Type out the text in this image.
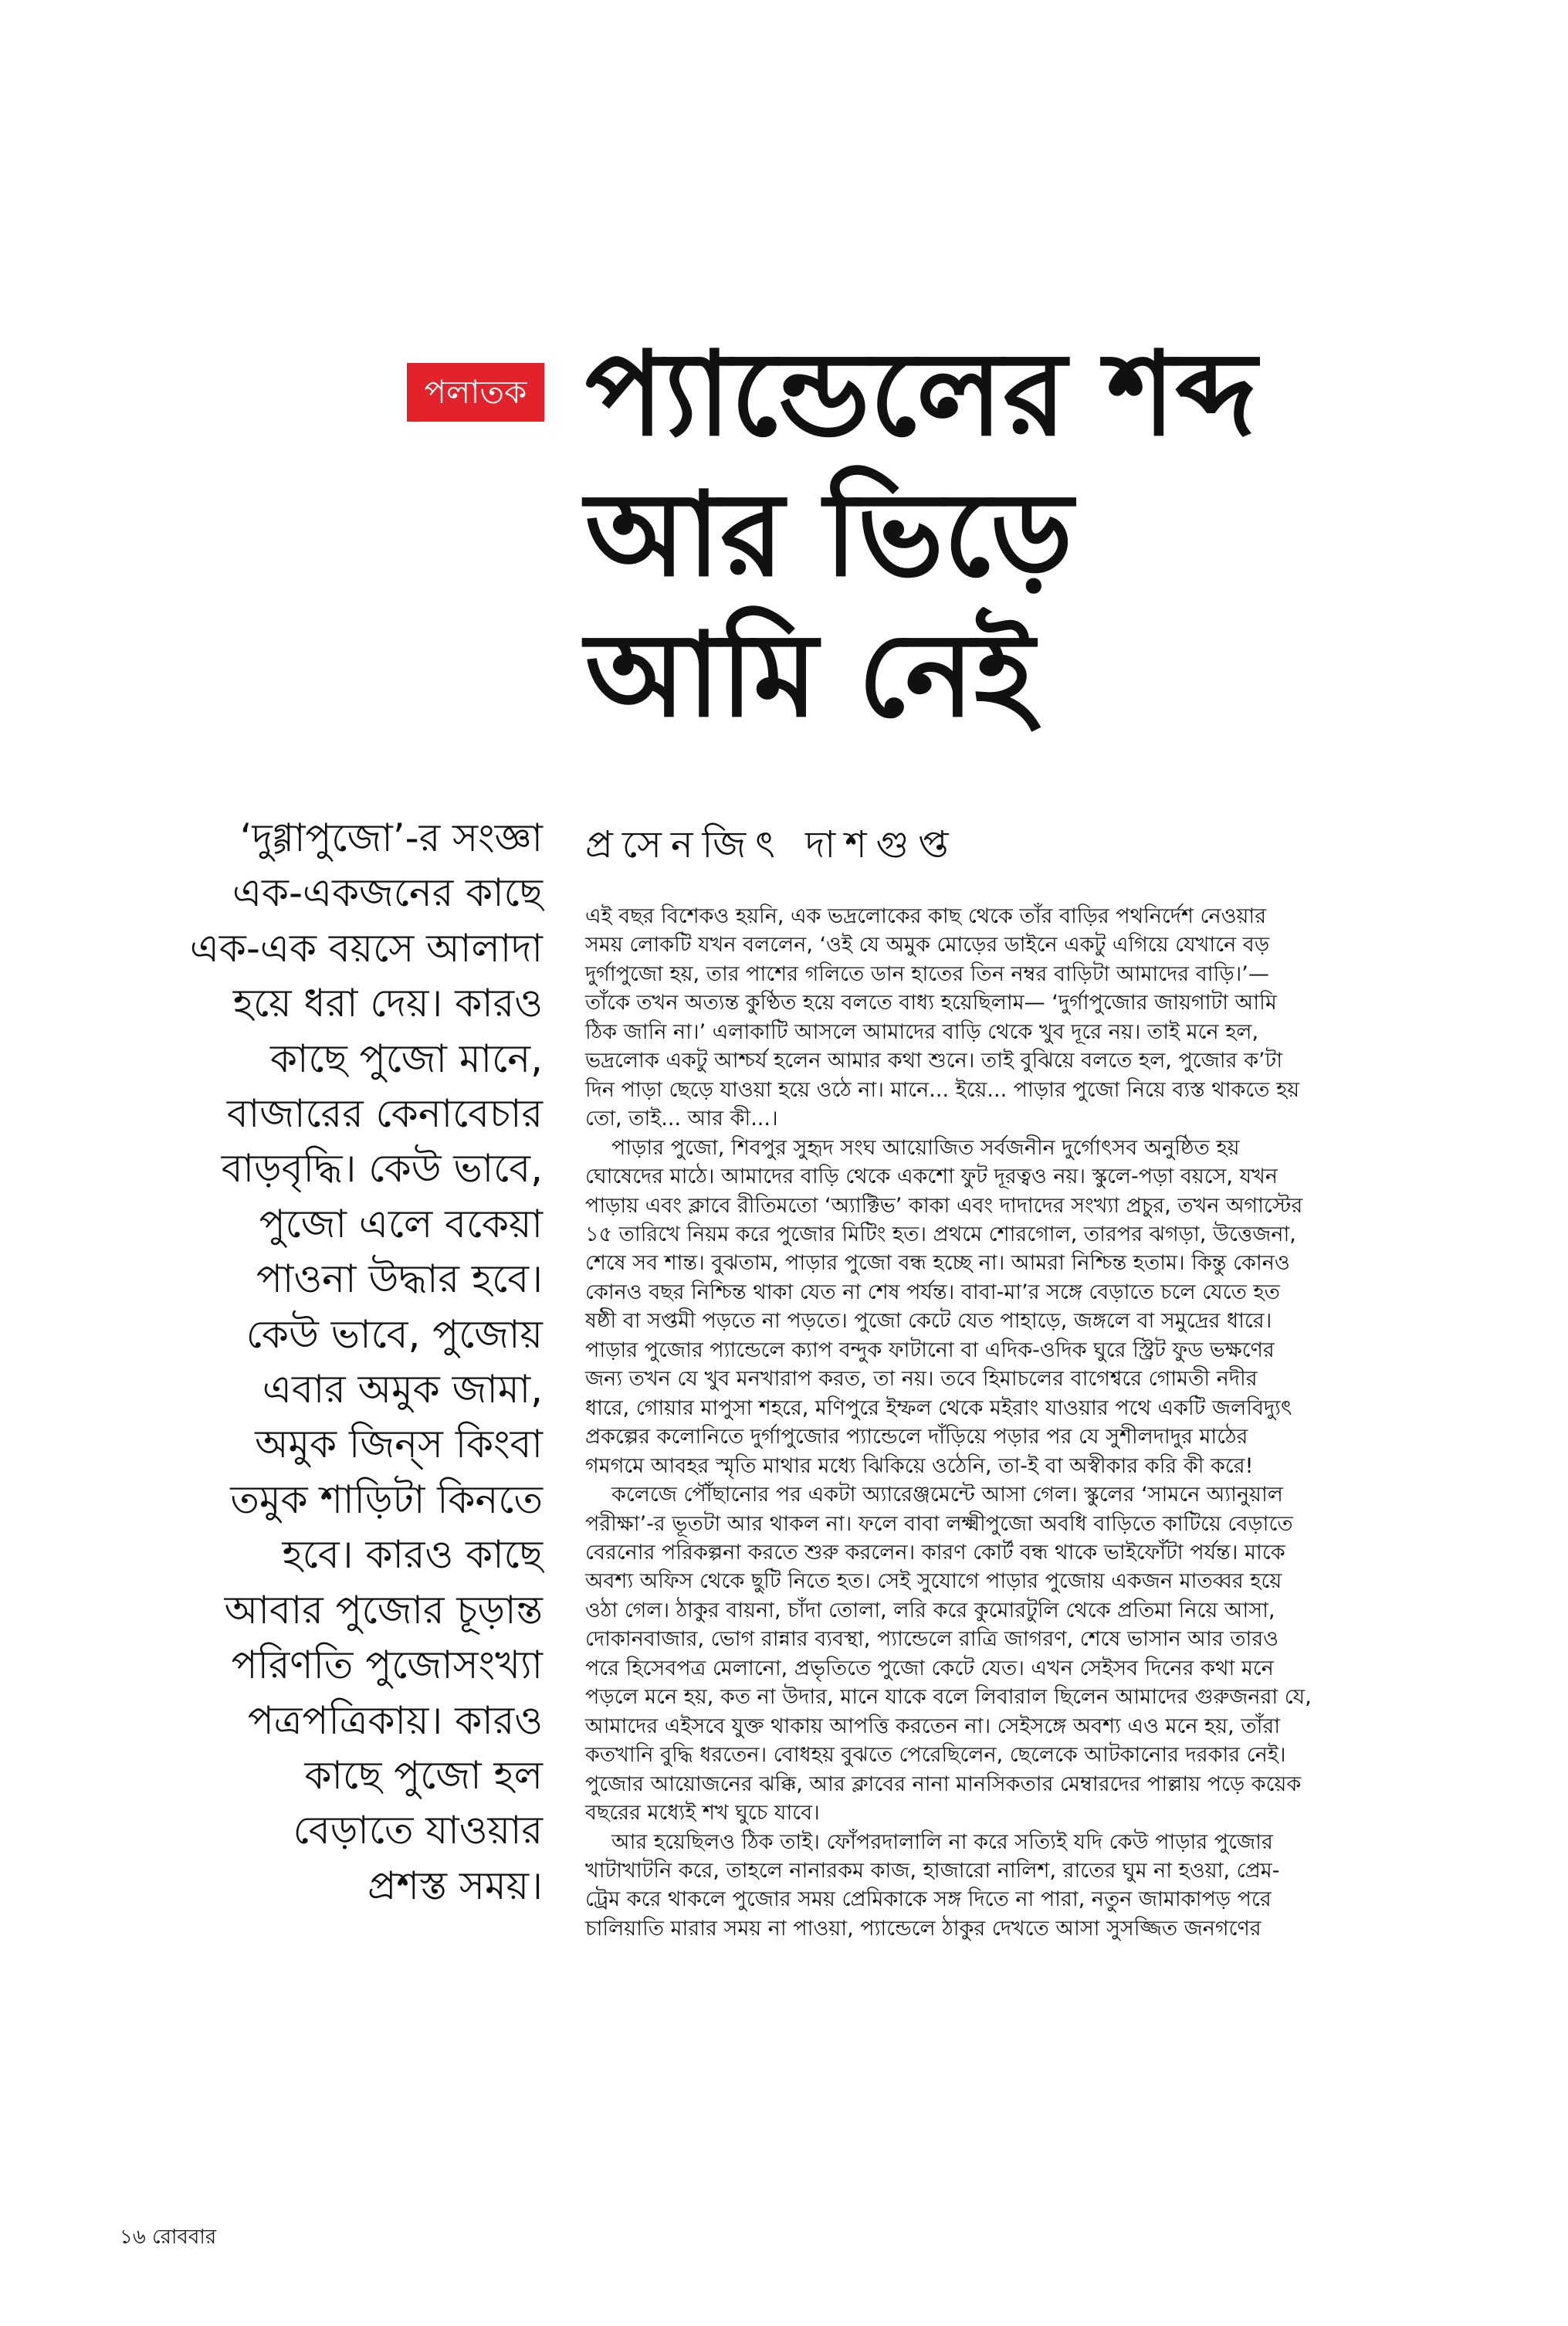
পলাতক প্যান্ডেলের শব্দ
আর ভিড়ে
আমি নেই

‘দুগ্গাপুজো’-র সংজ্ঞা
এক-একজনের কাছে
এক-এক বয়সে আলাদা
হয়ে ধরা দেয়। কারও
কাছে পুজো মানে,
বাজারের কেনাবেচার
বাড়বৃদ্ধি। কেউ ভাবে,
পুজো এলে বকেয়া
পাওনা উদ্ধার হবে।
কেউ ভাবে, পুজোয়
এবার অমুক জামা,
অমুক জিন্‌স কিংবা
তমুক শাড়িটা কিনতে
হবে। কারও কাছে
আবার পুজোর চূড়ান্ত
পরিণতি পুজোসংখ্যা
পত্রপত্রিকায়। কারও
কাছে পুজো হল
বেড়াতে যাওয়ার
প্রশস্ত সময়।

প্রসেনজিৎ দাশগুপ্ত

এই বছর বিশেকও হয়নি, এক ভদ্রলোকের কাছ থেকে তাঁর বাড়ির পথনির্দেশ নেওয়ার
সময় লোকটি যখন বললেন, ‘ওই যে অমুক মোড়ের ডাইনে একটু এগিয়ে যেখানে বড়
দুর্গাপুজো হয়, তার পাশের গলিতে ডান হাতের তিন নম্বর বাড়িটা আমাদের বাড়ি।’—
তাঁকে তখন অত্যন্ত কুণ্ঠিত হয়ে বলতে বাধ্য হয়েছিলাম— ‘দুর্গাপুজোর জায়গাটা আমি
ঠিক জানি না।’ এলাকাটি আসলে আমাদের বাড়ি থেকে খুব দূরে নয়। তাই মনে হল,
ভদ্রলোক একটু আশ্চর্য হলেন আমার কথা শুনে। তাই বুঝিয়ে বলতে হল, পুজোর ক’টা
দিন পাড়া ছেড়ে যাওয়া হয়ে ওঠে না। মানে... ইয়ে... পাড়ার পুজো নিয়ে ব্যস্ত থাকতে হয়
তো, তাই... আর কী...।
পাড়ার পুজো, শিবপুর সুহৃদ সংঘ আয়োজিত সর্বজনীন দুর্গোৎসব অনুষ্ঠিত হয়
ঘোষেদের মাঠে। আমাদের বাড়ি থেকে একশো ফুট দূরত্বও নয়। স্কুলে-পড়া বয়সে, যখন
পাড়ায় এবং ক্লাবে রীতিমতো ‘অ্যাক্টিভ’ কাকা এবং দাদাদের সংখ্যা প্রচুর, তখন অগাস্টের
১৫ তারিখে নিয়ম করে পুজোর মিটিং হত। প্রথমে শোরগোল, তারপর ঝগড়া, উত্তেজনা,
শেষে সব শান্ত। বুঝতাম, পাড়ার পুজো বন্ধ হচ্ছে না। আমরা নিশ্চিন্ত হতাম। কিন্তু কোনও
কোনও বছর নিশ্চিন্ত থাকা যেত না শেষ পর্যন্ত। বাবা-মা’র সঙ্গে বেড়াতে চলে যেতে হত
ষষ্ঠী বা সপ্তমী পড়তে না পড়তে। পুজো কেটে যেত পাহাড়ে, জঙ্গলে বা সমুদ্রের ধারে।
পাড়ার পুজোর প্যান্ডেলে ক্যাপ বন্দুক ফাটানো বা এদিক-ওদিক ঘুরে স্ট্রিট ফুড ভক্ষণের
জন্য তখন যে খুব মনখারাপ করত, তা নয়। তবে হিমাচলের বাগেশ্বরে গোমতী নদীর
ধারে, গোয়ার মাপুসা শহরে, মণিপুরে ইম্ফল থেকে মইরাং যাওয়ার পথে একটি জলবিদ্যুৎ
প্রকল্পের কলোনিতে দুর্গাপুজোর প্যান্ডেলে দাঁড়িয়ে পড়ার পর যে সুশীলদাদুর মাঠের
গমগমে আবহর স্মৃতি মাথার মধ্যে ঝিকিয়ে ওঠেনি, তা-ই বা অস্বীকার করি কী করে!
কলেজে পৌঁছানোর পর একটা অ্যারেঞ্জমেন্টে আসা গেল। স্কুলের ‘সামনে অ্যানুয়াল
পরীক্ষা’-র ভূতটা আর থাকল না। ফলে বাবা লক্ষ্মীপুজো অবধি বাড়িতে কাটিয়ে বেড়াতে
বেরনোর পরিকল্পনা করতে শুরু করলেন। কারণ কোর্ট বন্ধ থাকে ভাইফোঁটা পর্যন্ত। মাকে
অবশ্য অফিস থেকে ছুটি নিতে হত। সেই সুযোগে পাড়ার পুজোয় একজন মাতব্বর হয়ে
ওঠা গেল। ঠাকুর বায়না, চাঁদা তোলা, লরি করে কুমোরটুলি থেকে প্রতিমা নিয়ে আসা,
দোকানবাজার, ভোগ রান্নার ব্যবস্থা, প্যান্ডেলে রাত্রি জাগরণ, শেষে ভাসান আর তারও
পরে হিসেবপত্র মেলানো, প্রভৃতিতে পুজো কেটে যেত। এখন সেইসব দিনের কথা মনে
পড়লে মনে হয়, কত না উদার, মানে যাকে বলে লিবারাল ছিলেন আমাদের গুরুজনরা যে,
আমাদের এইসবে যুক্ত থাকায় আপত্তি করতেন না। সেইসঙ্গে অবশ্য এও মনে হয়, তাঁরা
কতখানি বুদ্ধি ধরতেন। বোধহয় বুঝতে পেরেছিলেন, ছেলেকে আটকানোর দরকার নেই।
পুজোর আয়োজনের ঝক্কি, আর ক্লাবের নানা মানসিকতার মেম্বারদের পাল্লায় পড়ে কয়েক
বছরের মধ্যেই শখ ঘুচে যাবে।
আর হয়েছিলও ঠিক তাই। ফোঁপরদালালি না করে সত্যিই যদি কেউ পাড়ার পুজোর
খাটাখাটনি করে, তাহলে নানারকম কাজ, হাজারো নালিশ, রাতের ঘুম না হওয়া, প্রেম-
ট্রেম করে থাকলে পুজোর সময় প্রেমিকাকে সঙ্গ দিতে না পারা, নতুন জামাকাপড় পরে
চালিয়াতি মারার সময় না পাওয়া, প্যান্ডেলে ঠাকুর দেখতে আসা সুসজ্জিত জনগণের

১৬ রোববার
